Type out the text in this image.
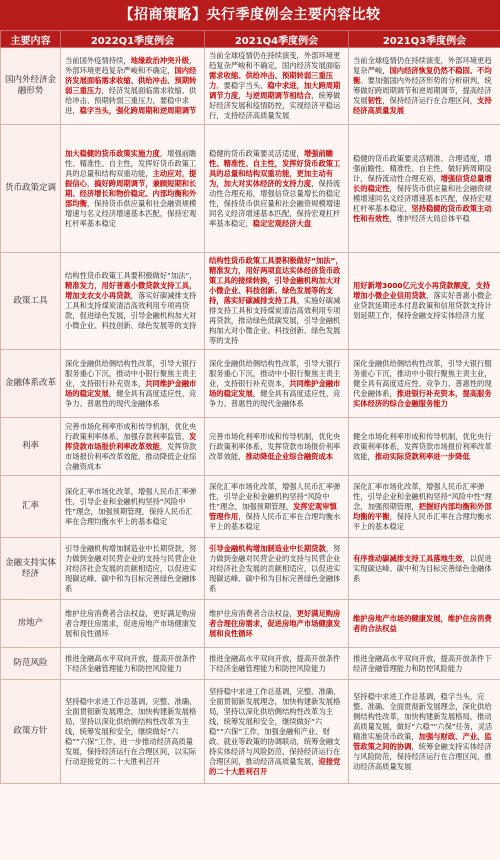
【招商策略】央行季度例会主要内容比较
主要内容	2022Q1季度例会	2021Q4季度例会	2021Q3季度例会
国内外经济金融形势	当前国外疫情持续，地缘政治冲突升级，外部环境更趋复杂严峻和不确定，国内经济发展面临需求收缩、供给冲击、预期转弱三重压力，经济发展面临需求收缩、供给冲击、预期转弱三重压力，要稳中求进，稳字当头，强化跨周期和逆周期调节	当前全球疫情仍在持续演变，外部环境更趋复杂严峻和不确定，国内经济发展面临需求收缩、供给冲击、预期转弱三重压力。要稳字当头、稳中求进，加大跨周期调节力度，与逆周期调节相结合，统筹做好经济发展和疫情防控，实现经济平稳运行，支持经济高质量发展	当前全球疫情仍在持续演变，外部环境更趋复杂严峻，国内经济恢复仍然不稳固、不均衡。要加强国内外经济形势的分析研判，统筹做好跨周期调节和逆周期调节，提高经济发展韧性，保持经济运行在合理区间，支持经济高质量发展
货币政策定调	加大稳健的货币政策实施力度，增强前瞻性、精准性、自主性，发挥好货币政策工具的总量和结构双重功能，主动应对，提振信心，搞好跨周期调节，兼顾短期和长期、经济增长和物价稳定、内部均衡和外部均衡，保持货币供应量和社会融资规模增速与名义经济增速基本匹配，保持宏观杠杆率基本稳定	稳健的货币政策要灵活适度，增强前瞻性、精准性、自主性，发挥好货币政策工具的总量和结构双重功能，更加主动有为，加大对实体经济的支持力度，保持流动性合理充裕，增强信贷总量增长的稳定性，保持货币供应量和社会融资规模增速同名义经济增速基本匹配，保持宏观杠杆率基本稳定，稳定宏观经济大盘	稳健的货币政策要灵活精准、合理适度，增强前瞻性、精准性、自主性，做好跨周期设计，保持流动性合理充裕，增强信贷总量增长的稳定性，保持货币供应量和社会融资规模增速同名义经济增速基本匹配，保持宏观杠杆率基本稳定，坚持稳健的货币政策主动性和有效性，维护经济大局总体平稳
政策工具	结构性货币政策工具要积极做好“加法”，精准发力，用好普惠小微贷款支持工具，增加支农支小再贷款，落实好碳减排支持工具和支持煤炭清洁高效利用专项再贷款，促进绿色发展，引导金融机构加大对小微企业、科技创新、绿色发展等的支持	结构性货币政策工具要积极做好“加法”，精准发力，用好两项直达实体经济货币政策工具的接续转换，引导金融机构加大对小微企业、科技创新、绿色发展等的支持，落实好碳减排支持工具，实施好碳减排支持工具和支持煤炭清洁高效利用专项再贷款，推动绿色低碳发展，引导金融机构加大对小微企业、科技创新、绿色发展等的支持	用好新增3000亿元支小再贷款额度，支持增加小微企业信用贷款，落实好普惠小微企业贷款延期还本付息政策和信用贷款支持计划延期工作，保持金融支持实体经济力度
金融体系改革	深化金融供给侧结构性改革，引导大银行服务重心下沉，推动中小银行聚焦主责主业，支持银行补充资本，共同维护金融市场的稳定发展，健全具有高度适应性、竞争力、普惠性的现代金融体系	深化金融供给侧结构性改革，引导大银行服务重心下沉，推动中小银行聚焦主责主业，支持银行补充资本，共同维护金融市场的稳定发展，健全具有高度适应性、竞争力、普惠性的现代金融体系	深化金融供给侧结构性改革，引导大银行服务重心下沉，推动中小银行聚焦主责主业，健全具有高度适应性、竞争力、普惠性的现代金融体系，推进银行补充资本，提高服务实体经济的综合金融服务能力
利率	完善市场化利率形成和传导机制，优化央行政策利率体系，加强存款利率监管，发挥贷款市场报价利率改革效能，发挥贷款市场报价利率改革效能，推动降低企业综合融资成本	完善市场化利率形成和传导机制，优化央行政策利率体系，发挥贷款市场报价利率改革效能，推动降低企业综合融资成本	健全市场化利率形成和传导机制，优化央行政策利率体系，发挥贷款市场报价利率改革效能，推动实际贷款利率进一步降低
汇率	深化汇率市场化改革，增强人民币汇率弹性，引导企业和金融机构坚持“风险中性”理念，加强预期管理，保持人民币汇率在合理均衡水平上的基本稳定	深化汇率市场化改革，增强人民币汇率弹性，引导企业和金融机构坚持“风险中性”理念，加强预期管理，发挥宏观审慎管理作用，保持人民币汇率在合理均衡水平上的基本稳定	深化汇率市场化改革，增强人民币汇率弹性，引导企业和金融机构坚持“风险中性”理念，加强预期管理，把握好内部均衡和外部均衡的平衡，保持人民币汇率在合理均衡水平上的基本稳定
金融支持实体经济	引导金融机构增加制造业中长期贷款，努力做到金融对民营企业的支持与民营企业对经济社会发展的贡献相适应，以促进实现碳达峰、碳中和为目标完善绿色金融体系	引导金融机构增加制造业中长期贷款，努力做到金融对民营企业的支持与民营企业对经济社会发展的贡献相适应，以促进实现碳达峰、碳中和为目标完善绿色金融体系	有序推动碳减排支持工具落地生效，以促进实现碳达峰、碳中和为目标完善绿色金融体系
房地产	维护住房消费者合法权益，更好满足购房者合理住房需求，促进房地产市场健康发展和良性循环	维护住房消费者合法权益，更好满足购房者合理住房需求，促进房地产市场健康发展和良性循环	维护房地产市场的健康发展，维护住房消费者的合法权益
防范风险	推进金融高水平双向开放，提高开放条件下经济金融管理能力和防控风险能力	推进金融高水平双向开放，提高开放条件下经济金融管理能力和防控风险能力	推进金融高水平双向开放，提高开放条件下经济金融管理能力和防控风险能力
政策方针	坚持稳中求进工作总基调，完整、准确、全面贯彻新发展理念，加快构建新发展格局，坚持以深化供给侧结构性改革为主线，统筹发展和安全，继续做好“六稳”“六保”工作，进一步推动经济高质量发展，保持经济运行在合理区间，以实际行动迎接党的二十大胜利召开	坚持稳中求进工作总基调，完整、准确、全面贯彻新发展理念，加快构建新发展格局，坚持以深化供给侧结构性改革为主线，统筹发展和安全，继续做好“六稳”“六保”工作，加强金融和产业、财政、就业等政策的协调联动，统筹金融支持实体经济与风险防范，保持经济运行在合理区间，推动经济高质量发展，迎接党的二十大胜利召开	坚持稳中求进工作总基调，稳字当头，完整、准确、全面贯彻新发展理念，深化供给侧结构性改革，加快构建新发展格局，推动高质量发展，做好“六稳”“六保”任务，灵活精准实施货币政策，加强与财政、产业、监管政策之间的协调，统筹金融支持实体经济与风险防范，保持经济运行在合理区间，推动经济高质量发展
